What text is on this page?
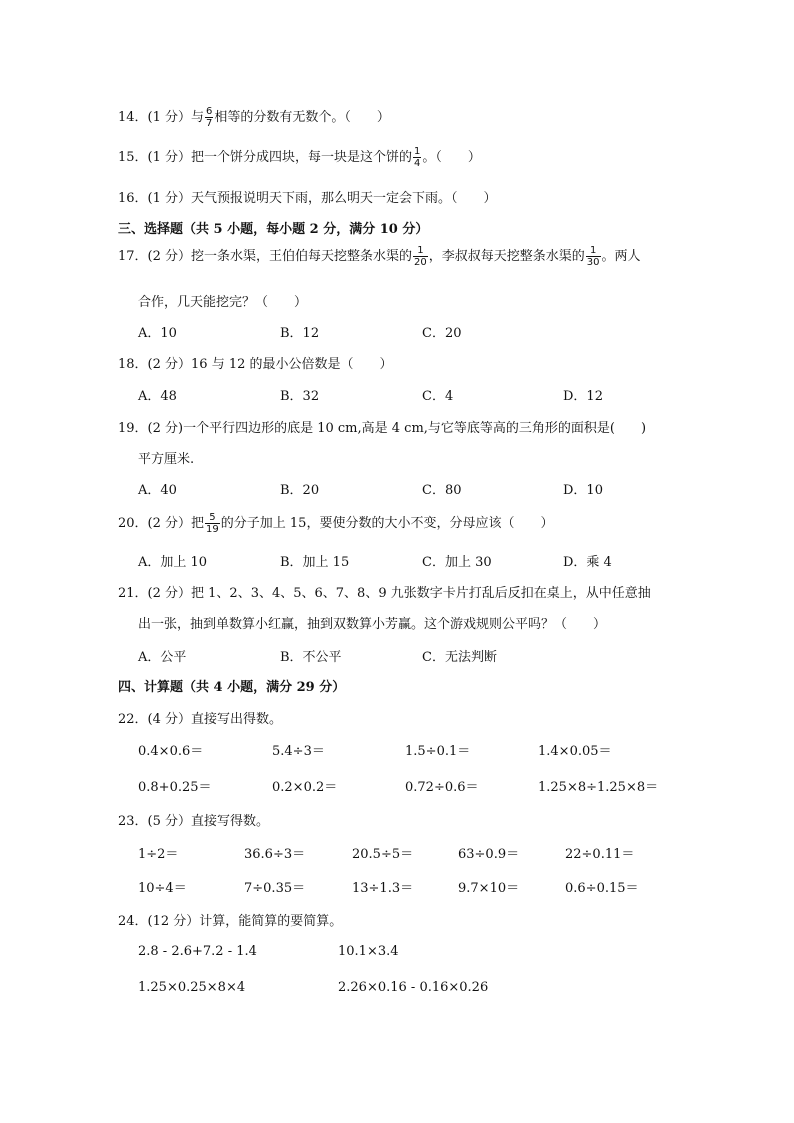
14．(1 分）与 $\frac{6}{7}$ 相等的分数有无数个。（　　）
15．(1 分）把一个饼分成四块，每一块是这个饼的 $\frac{1}{4}$ 。（　　）
16．(1 分）天气预报说明天下雨，那么明天一定会下雨。（　　）
三、选择题（共 5 小题，每小题 2 分，满分 10 分）
17．(2 分）挖一条水渠，王伯伯每天挖整条水渠的 $\frac{1}{20}$ ，李叔叔每天挖整条水渠的 $\frac{1}{30}$ 。两人
合作，几天能挖完？（　　）
A．10	B．12	C．20
18．(2 分）16 与 12 的最小公倍数是（　　）
A．48	B．32	C．4	D．12
19．(2 分)一个平行四边形的底是 10 cm,高是 4 cm,与它等底等高的三角形的面积是(　　)
平方厘米.
A．40	B．20	C．80	D．10
20．(2 分）把 $\frac{5}{19}$ 的分子加上 15，要使分数的大小不变，分母应该（　　）
A．加上 10	B．加上 15	C．加上 30	D．乘 4
21．(2 分）把 1、2、3、4、5、6、7、8、9 九张数字卡片打乱后反扣在桌上，从中任意抽
出一张，抽到单数算小红赢，抽到双数算小芳赢。这个游戏规则公平吗？（　　）
A．公平	B．不公平	C．无法判断
四、计算题（共 4 小题，满分 29 分）
22．(4 分）直接写出得数。
0.4×0.6＝	5.4÷3＝	1.5÷0.1＝	1.4×0.05＝
0.8+0.25＝	0.2×0.2＝	0.72÷0.6＝	1.25×8÷1.25×8＝
23．(5 分）直接写得数。
1÷2＝	36.6÷3＝	20.5÷5＝	63÷0.9＝	22÷0.11＝
10÷4＝	7÷0.35＝	13÷1.3＝	9.7×10＝	0.6÷0.15＝
24．(12 分）计算，能简算的要简算。
2.8 - 2.6+7.2 - 1.4	10.1×3.4
1.25×0.25×8×4	2.26×0.16 - 0.16×0.26
